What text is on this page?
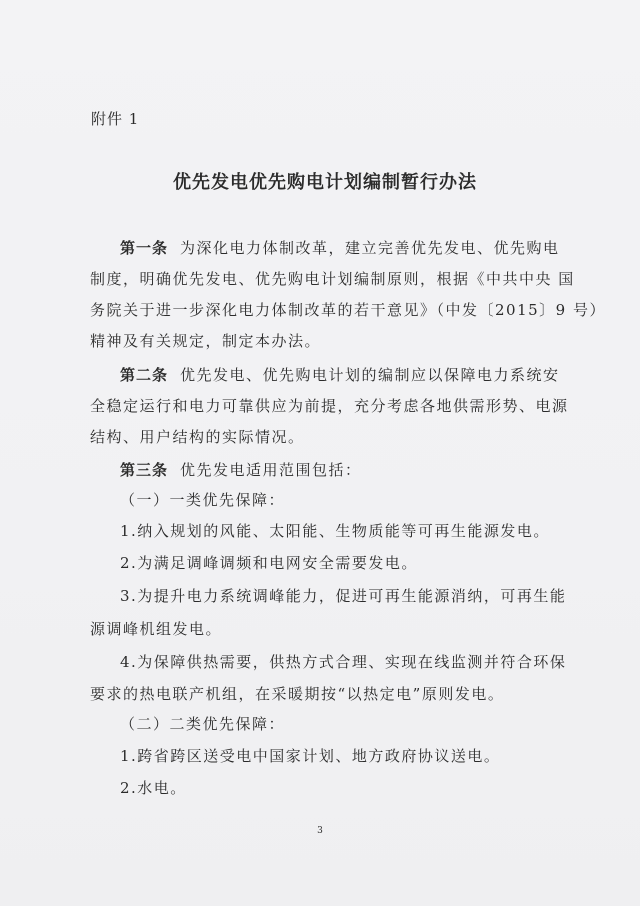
附件 1
优先发电优先购电计划编制暂行办法
第一条 为深化电力体制改革，建立完善优先发电、优先购电
制度，明确优先发电、优先购电计划编制原则，根据《中共中央 国
务院关于进一步深化电力体制改革的若干意见》（中发〔2015〕9 号）
精神及有关规定，制定本办法。
第二条 优先发电、优先购电计划的编制应以保障电力系统安
全稳定运行和电力可靠供应为前提，充分考虑各地供需形势、电源
结构、用户结构的实际情况。
第三条 优先发电适用范围包括：
（一）一类优先保障：
1.纳入规划的风能、太阳能、生物质能等可再生能源发电。
2.为满足调峰调频和电网安全需要发电。
3.为提升电力系统调峰能力，促进可再生能源消纳，可再生能
源调峰机组发电。
4.为保障供热需要，供热方式合理、实现在线监测并符合环保
要求的热电联产机组，在采暖期按“以热定电”原则发电。
（二）二类优先保障：
1.跨省跨区送受电中国家计划、地方政府协议送电。
2.水电。
3
